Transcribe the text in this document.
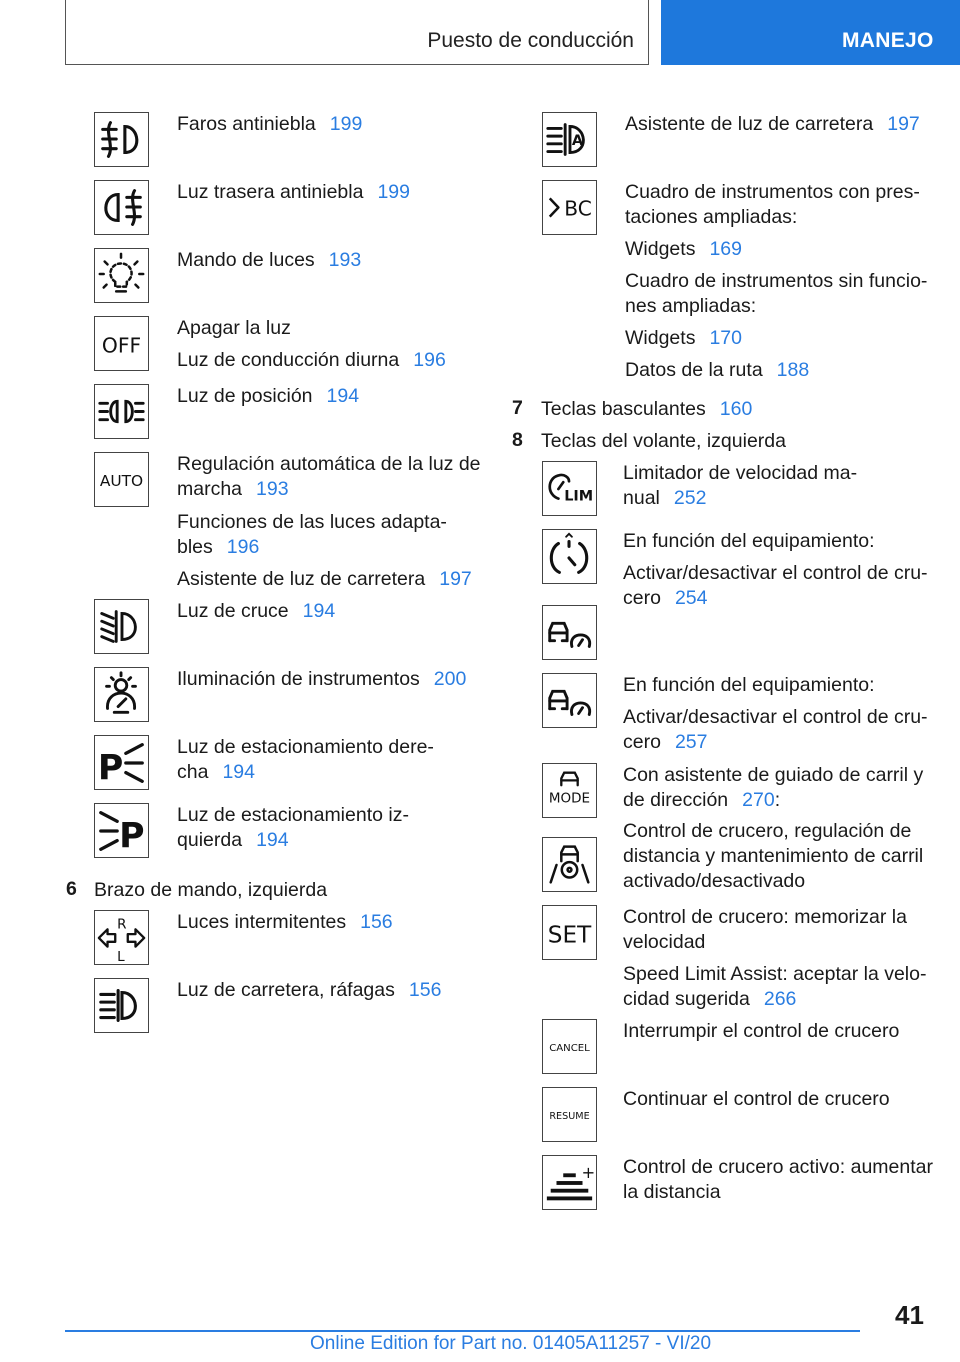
Puesto de conducción	MANEJO
Faros antiniebla 199
Luz trasera antiniebla 199
Mando de luces 193
OFF
Apagar la luz
Luz de conducción diurna 196
Luz de posición 194
AUTO
Regulación automática de la luz de
marcha 193
Funciones de las luces adapta-
bles 196
Asistente de luz de carretera 197
Luz de cruce 194
Iluminación de instrumentos 200
P
Luz de estacionamiento dere-
cha 194
P
Luz de estacionamiento iz-
quierda 194
6 Brazo de mando, izquierda
R
L
Luces intermitentes 156
Luz de carretera, ráfagas 156
A
Asistente de luz de carretera 197
BC
Cuadro de instrumentos con pres-
taciones ampliadas:
Widgets 169
Cuadro de instrumentos sin funcio-
nes ampliadas:
Widgets 170
Datos de la ruta 188
7 Teclas basculantes 160
8 Teclas del volante, izquierda
LIM
Limitador de velocidad ma-
nual 252
En función del equipamiento:
Activar/desactivar el control de cru-
cero 254
En función del equipamiento:
Activar/desactivar el control de cru-
cero 257
MODE
Con asistente de guiado de carril y
de dirección 270:
Control de crucero, regulación de
distancia y mantenimiento de carril
activado/desactivado
SET
Control de crucero: memorizar la
velocidad
Speed Limit Assist: aceptar la velo-
cidad sugerida 266
CANCEL
Interrumpir el control de crucero
RESUME
Continuar el control de crucero
+ Control de crucero activo: aumentar
la distancia
41
Online Edition for Part no. 01405A11257 - VI/20
